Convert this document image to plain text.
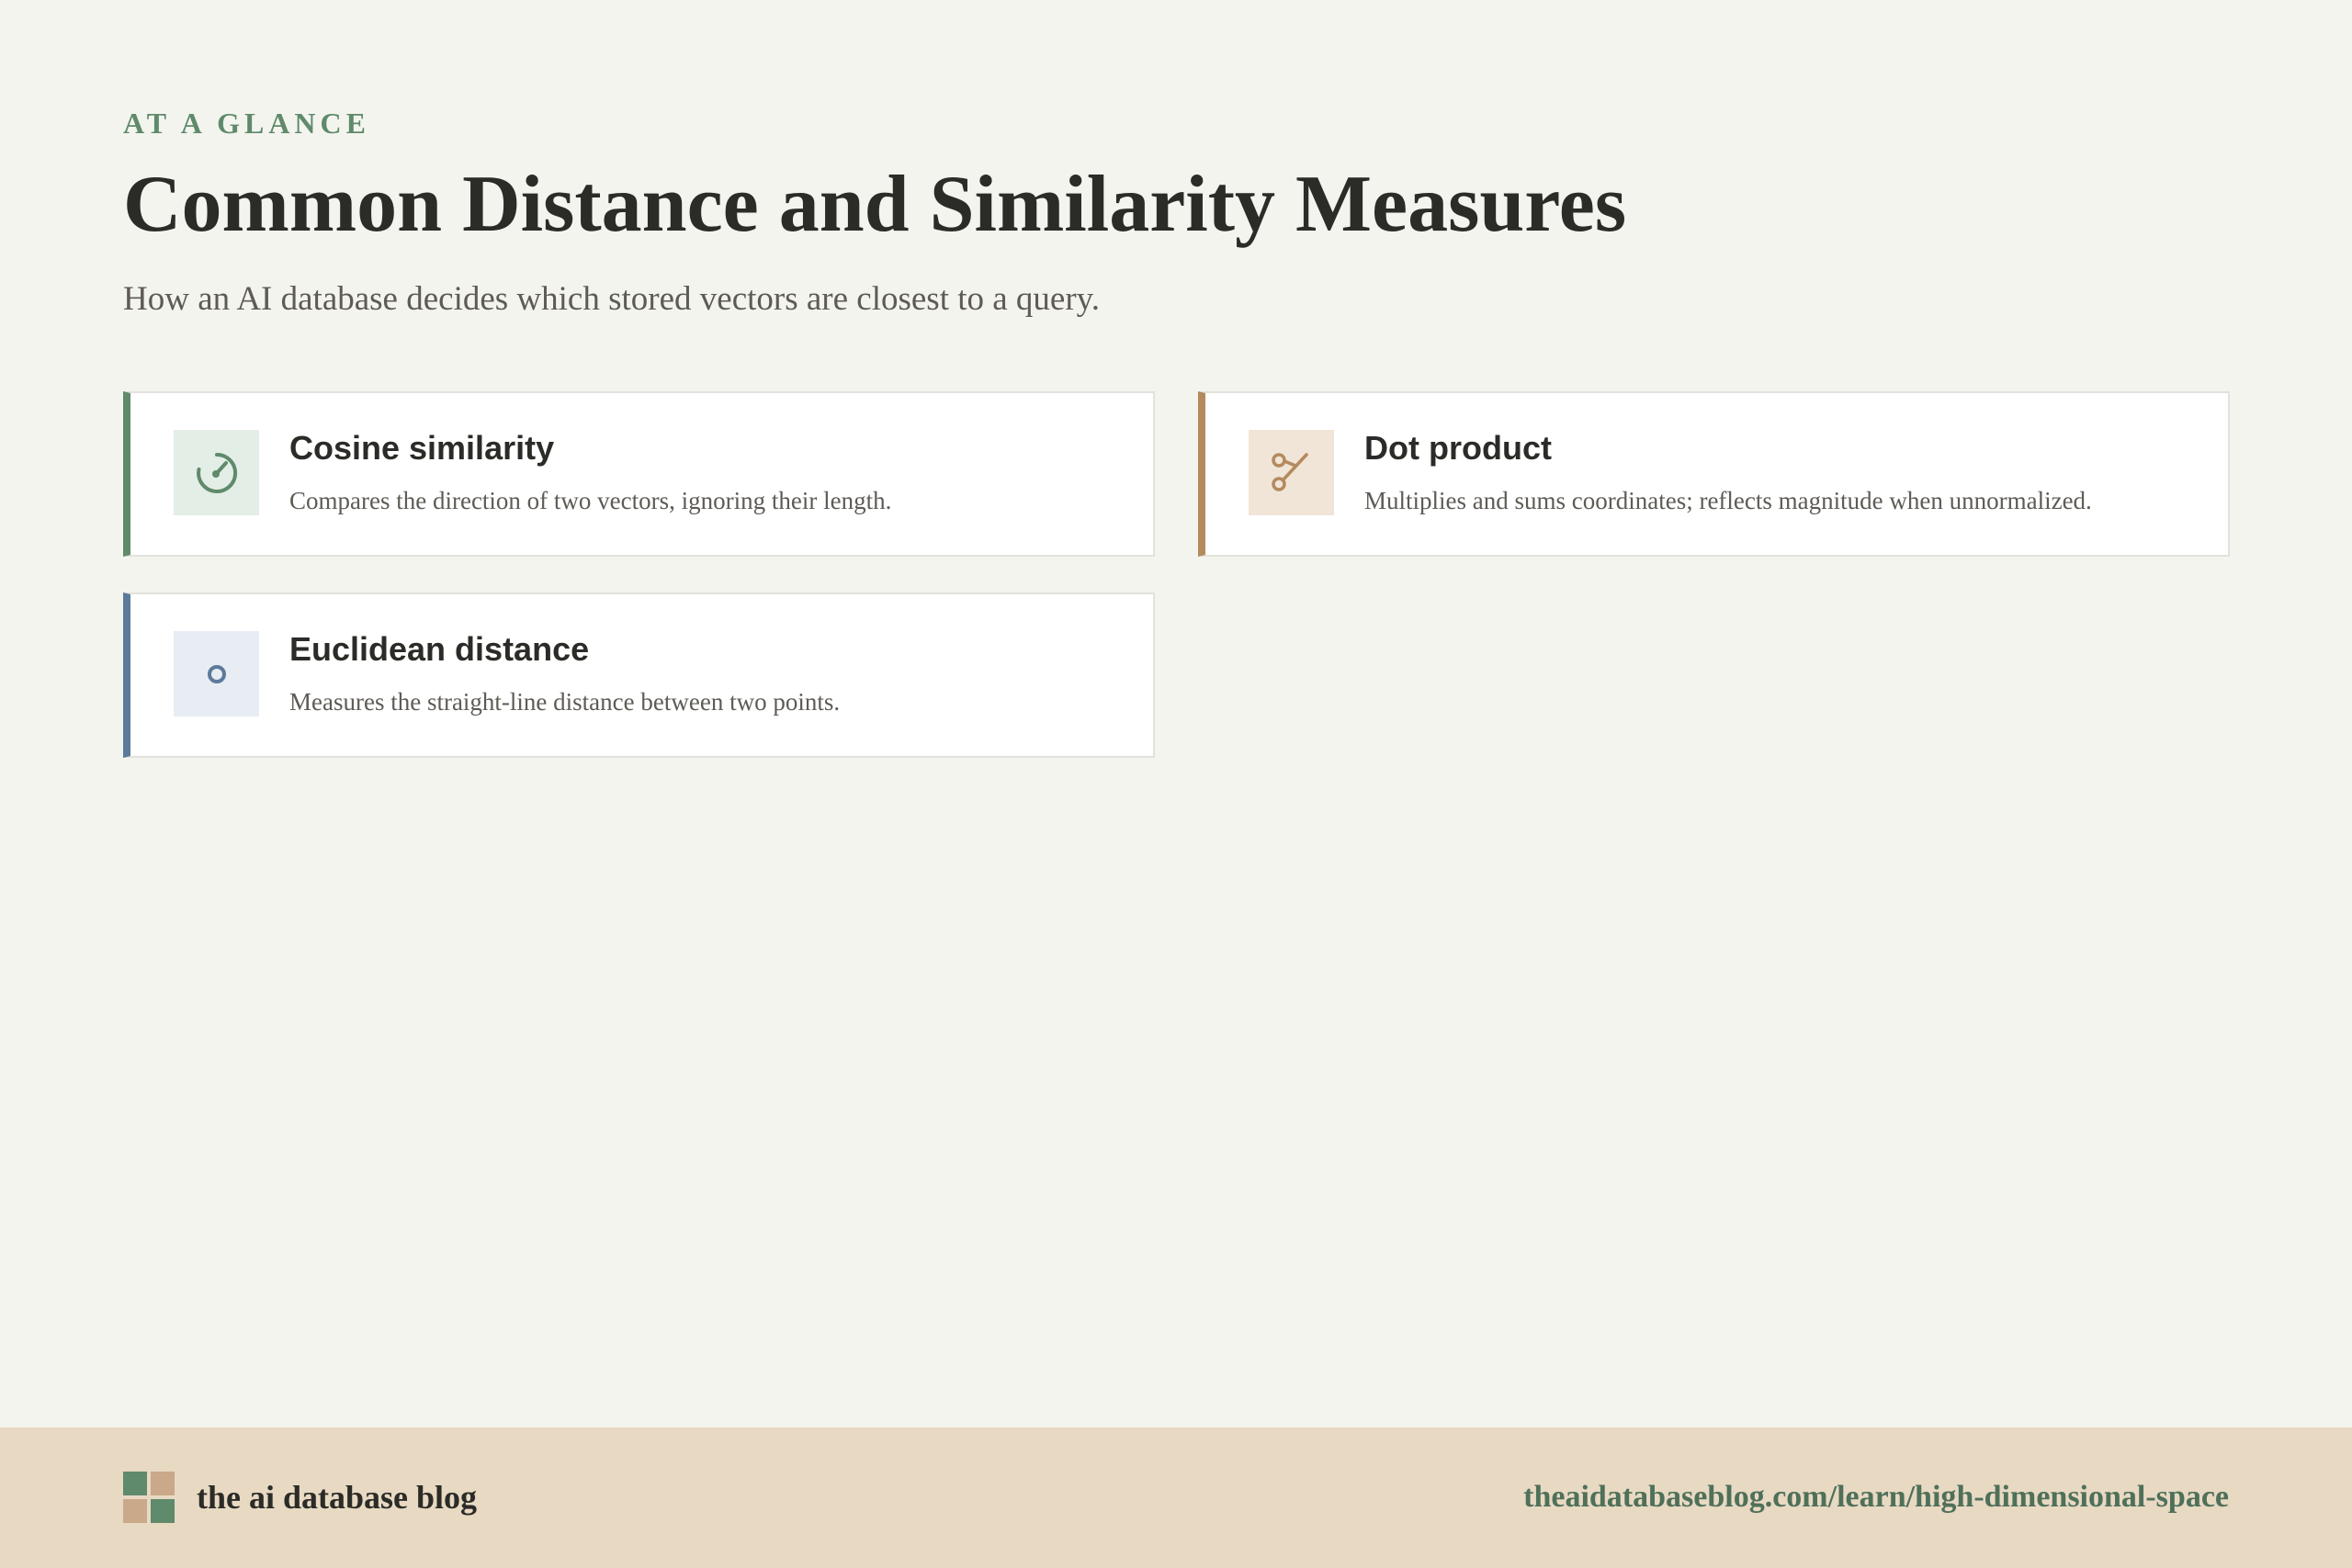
AT A GLANCE
Common Distance and Similarity Measures

How an AI database decides which stored vectors are closest to a query.

Cosine similarity
Compares the direction of two vectors, ignoring their length.
Dot product
Multiplies and sums coordinates; reflects magnitude when unnormalized.
Euclidean distance
Measures the straight-line distance between two points.
the ai database blog	theaidatabaseblog.com/learn/high-dimensional-space
